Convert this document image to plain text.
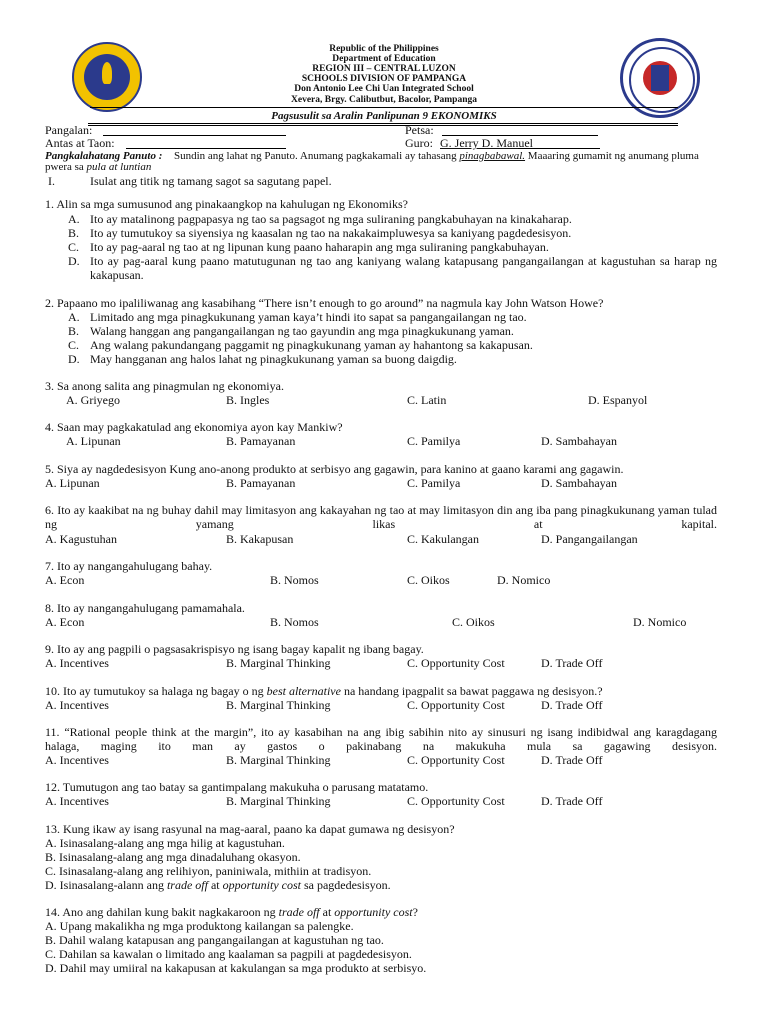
Republic of the Philippines
Department of Education
REGION III – CENTRAL LUZON
SCHOOLS DIVISION OF PAMPANGA
Don Antonio Lee Chi Uan Integrated School
Xevera, Brgy. Calibutbut, Bacolor, Pampanga
Pagsusulit sa Aralin Panlipunan 9 EKONOMIKS
Pangalan:	Petsa:
Antas at Taon:	Guro: G. Jerry D. Manuel
Pangkalahatang Panuto : Sundin ang lahat ng Panuto. Anumang pagkakamali ay tahasang pinagbabawal. Maaaring gumamit ng anumang pluma
pwera sa pula at luntian
I.	Isulat ang titik ng tamang sagot sa sagutang papel.
1. Alin sa mga sumusunod ang pinakaangkop na kahulugan ng Ekonomiks?
A. Ito ay matalinong pagpapasya ng tao sa pagsagot ng mga suliraning pangkabuhayan na kinakaharap.
B. Ito ay tumutukoy sa siyensiya ng kaasalan ng tao na nakakaimpluwesya sa kaniyang pagdedesisyon.
C. Ito ay pag-aaral ng tao at ng lipunan kung paano haharapin ang mga suliraning pangkabuhayan.
D. Ito ay pag-aaral kung paano matutugunan ng tao ang kaniyang walang katapusang pangangailangan at kagustuhan sa harap ng kakapusan.
2. Papaano mo ipaliliwanag ang kasabihang “There isn’t enough to go around” na nagmula kay John Watson Howe?
A. Limitado ang mga pinagkukunang yaman kaya’t hindi ito sapat sa pangangailangan ng tao.
B. Walang hanggan ang pangangailangan ng tao gayundin ang mga pinagkukunang yaman.
C. Ang walang pakundangang paggamit ng pinagkukunang yaman ay hahantong sa kakapusan.
D. May hangganan ang halos lahat ng pinagkukunang yaman sa buong daigdig.
3. Sa anong salita ang pinagmulan ng ekonomiya.
A. Griyego	B. Ingles	C. Latin	D. Espanyol
4. Saan may pagkakatulad ang ekonomiya ayon kay Mankiw?
A. Lipunan	B. Pamayanan	C. Pamilya	D. Sambahayan
5. Siya ay nagdedesisyon Kung ano-anong produkto at serbisyo ang gagawin, para kanino at gaano karami ang gagawin.
A. Lipunan	B. Pamayanan	C. Pamilya	D. Sambahayan
6. Ito ay kaakibat na ng buhay dahil may limitasyon ang kakayahan ng tao at may limitasyon din ang iba pang pinagkukunang yaman tulad ng yamang likas at kapital.
A. Kagustuhan	B. Kakapusan	C. Kakulangan	D. Pangangailangan
7. Ito ay nangangahulugang bahay.
A. Econ	B. Nomos	C. Oikos	D. Nomico
8. Ito ay nangangahulugang pamamahala.
A. Econ	B. Nomos	C. Oikos	D. Nomico
9. Ito ay ang pagpili o pagsasakrispisyo ng isang bagay kapalit ng ibang bagay.
A. Incentives	B. Marginal Thinking	C. Opportunity Cost	D. Trade Off
10. Ito ay tumutukoy sa halaga ng bagay o ng best alternative na handang ipagpalit sa bawat paggawa ng desisyon.?
A. Incentives	B. Marginal Thinking	C. Opportunity Cost	D. Trade Off
11. “Rational people think at the margin”, ito ay kasabihan na ang ibig sabihin nito ay sinusuri ng isang indibidwal ang karagdagang halaga, maging ito man ay gastos o pakinabang na makukuha mula sa gagawing desisyon.
A. Incentives	B. Marginal Thinking	C. Opportunity Cost	D. Trade Off
12. Tumutugon ang tao batay sa gantimpalang makukuha o parusang matatamo.
A. Incentives	B. Marginal Thinking	C. Opportunity Cost	D. Trade Off
13. Kung ikaw ay isang rasyunal na mag-aaral, paano ka dapat gumawa ng desisyon?
A. Isinasalang-alang ang mga hilig at kagustuhan.
B. Isinasalang-alang ang mga dinadaluhang okasyon.
C. Isinasalang-alang ang relihiyon, paniniwala, mithiin at tradisyon.
D. Isinasalang-alann ang trade off at opportunity cost sa pagdedesisyon.
14. Ano ang dahilan kung bakit nagkakaroon ng trade off at opportunity cost?
A. Upang makalikha ng mga produktong kailangan sa palengke.
B. Dahil walang katapusan ang pangangailangan at kagustuhan ng tao.
C. Dahilan sa kawalan o limitado ang kaalaman sa pagpili at pagdedesisyon.
D. Dahil may umiiral na kakapusan at kakulangan sa mga produkto at serbisyo.
